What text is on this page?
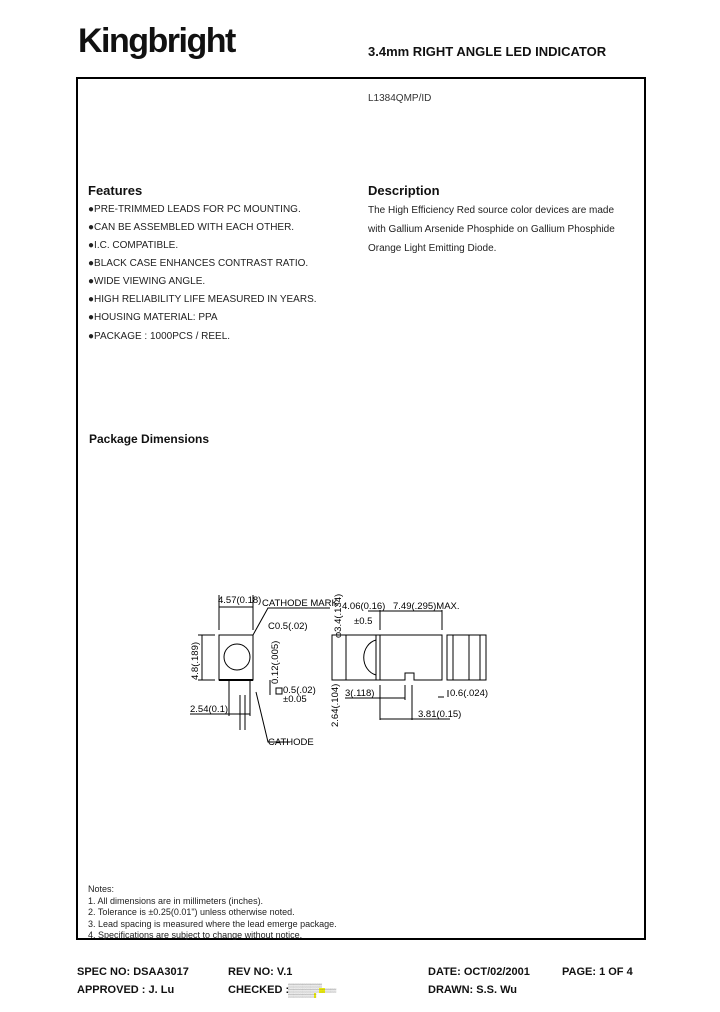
Kingbright	3.4mm RIGHT ANGLE LED INDICATOR
L1384QMP/ID
Features
●PRE-TRIMMED LEADS FOR PC MOUNTING.
●CAN BE ASSEMBLED WITH EACH OTHER.
●I.C. COMPATIBLE.
●BLACK CASE ENHANCES CONTRAST RATIO.
●WIDE VIEWING ANGLE.
●HIGH RELIABILITY LIFE MEASURED IN YEARS.
●HOUSING MATERIAL: PPA
●PACKAGE : 1000PCS / REEL.
Description
The High Efficiency Red source color devices are made
with Gallium Arsenide Phosphide on Gallium Phosphide
Orange Light Emitting Diode.
Package Dimensions
4.57(0.18) CATHODE MARK
C0.5(.02)
4.8(.189)	0.12(.005)
0.5(.02)
±0.05
2.54(0.1)
CATHODE
φ3.4(.134)
4.06(0.16) 7.49(.295)MAX.
±0.5
2.64(.104) 3(.118)
3.81(0.15)
0.6(.024)
Notes:
1. All dimensions are in millimeters (inches).
2. Tolerance is ±0.25(0.01") unless otherwise noted.
3. Lead spacing is measured where the lead emerge package.
4. Specifications are subject to change without notice.
SPEC NO: DSAA3017	REV NO: V.1	DATE: OCT/02/2001	PAGE: 1 OF 4
APPROVED : J. Lu	CHECKED :
▒▒▒▒▒▒▒▒▒▒▒▒
▒▒▒▒▒▒▒▒▒▒▒▒▒▒▒▒▒
▒▒▒▒▒▒▒▒▒▒	DRAWN: S.S. Wu
